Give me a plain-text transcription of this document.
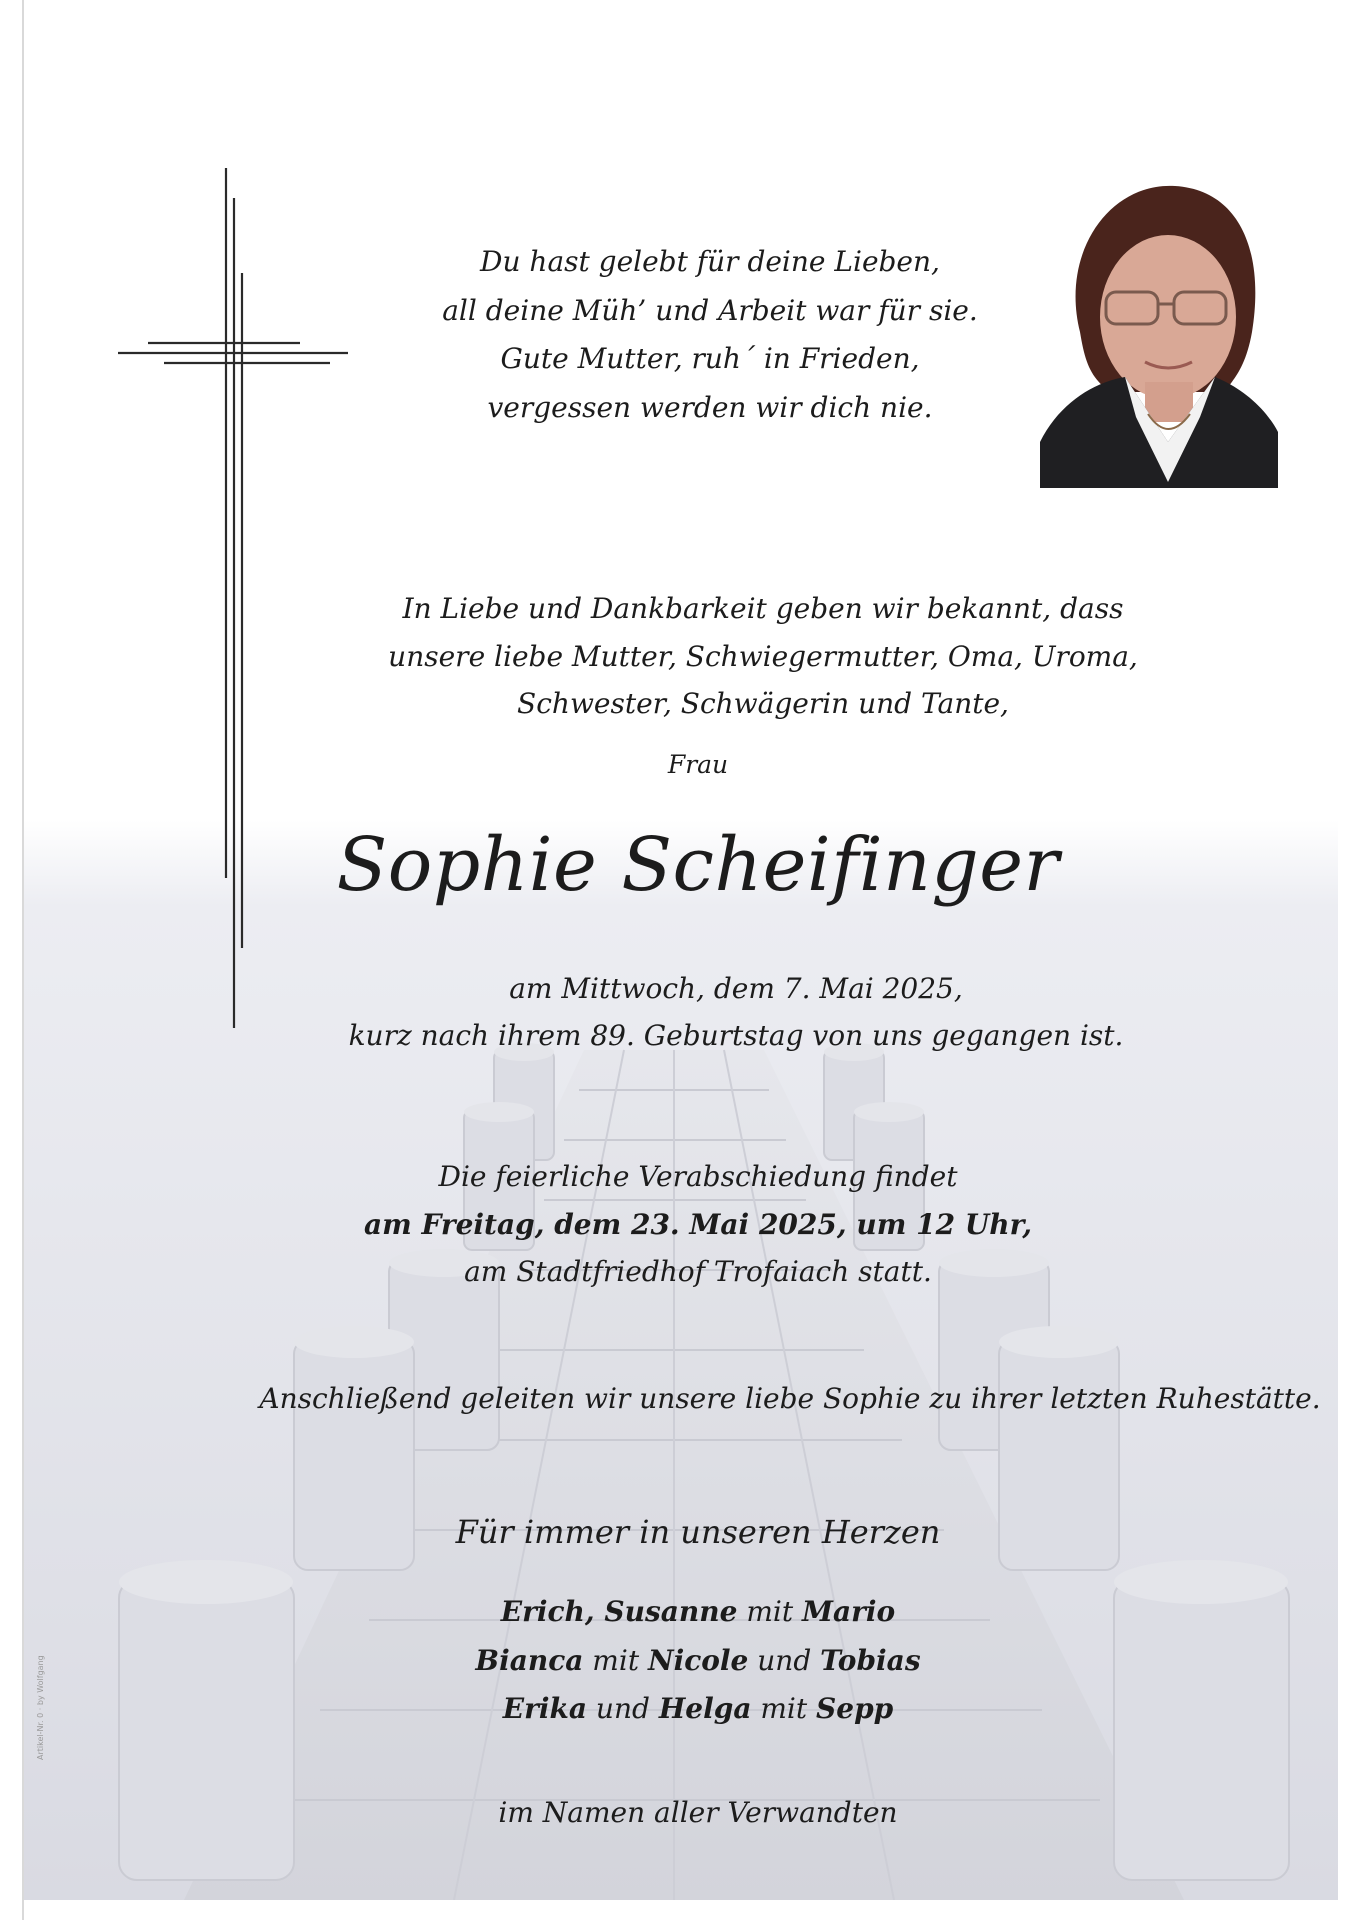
Du hast gelebt für deine Lieben,
all deine Müh’ und Arbeit war für sie.
Gute Mutter, ruh´ in Frieden,
vergessen werden wir dich nie.
In Liebe und Dankbarkeit geben wir bekannt, dass
unsere liebe Mutter, Schwiegermutter, Oma, Uroma,
Schwester, Schwägerin und Tante,
Frau
Sophie Scheifinger
am Mittwoch, dem 7. Mai 2025,
kurz nach ihrem 89. Geburtstag von uns gegangen ist.
Die feierliche Verabschiedung findet
am Freitag, dem 23. Mai 2025, um 12 Uhr,
am Stadtfriedhof Trofaiach statt.
Anschließend geleiten wir unsere liebe Sophie zu ihrer letzten Ruhestätte.
Für immer in unseren Herzen
Erich, Susanne mit Mario
Bianca mit Nicole und Tobias
Erika und Helga mit Sepp
im Namen aller Verwandten
Artikel-Nr. 0 · by Wolfgang
